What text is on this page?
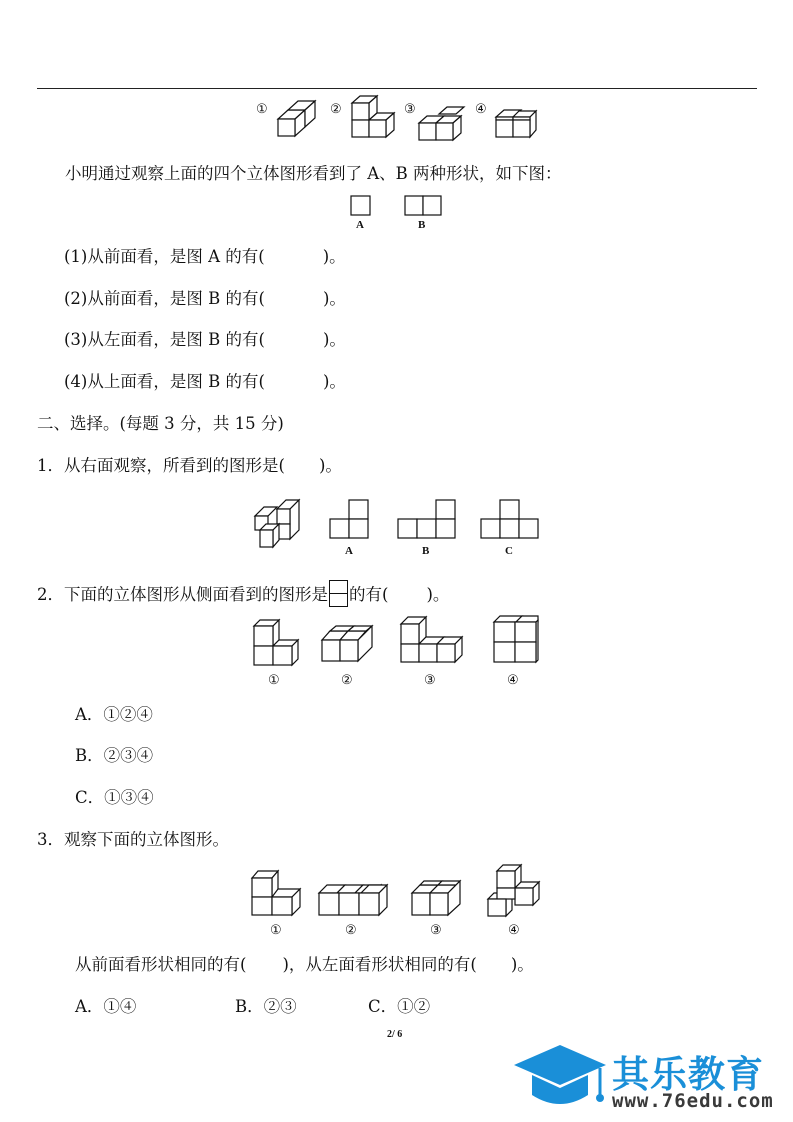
①	②	③	④
小明通过观察上面的四个立体图形看到了 A、B 两种形状，如下图：
A	B
(1)从前面看，是图 A 的有(	)。
(2)从前面看，是图 B 的有(	)。
(3)从左面看，是图 B 的有(	)。
(4)从上面看，是图 B 的有(	)。
二、选择。(每题 3 分，共 15 分)
1．从右面观察，所看到的图形是( )。
A	B	C
2．下面的立体图形从侧面看到的图形是 的有( )。
①	②	③	④
A．①②④
B．②③④
C．①③④
3．观察下面的立体图形。
①	②	③	④
从前面看形状相同的有( )，从左面看形状相同的有( )。
A．①④	B．②③	C．①②
2/ 6
其乐教育
www.76edu.com
